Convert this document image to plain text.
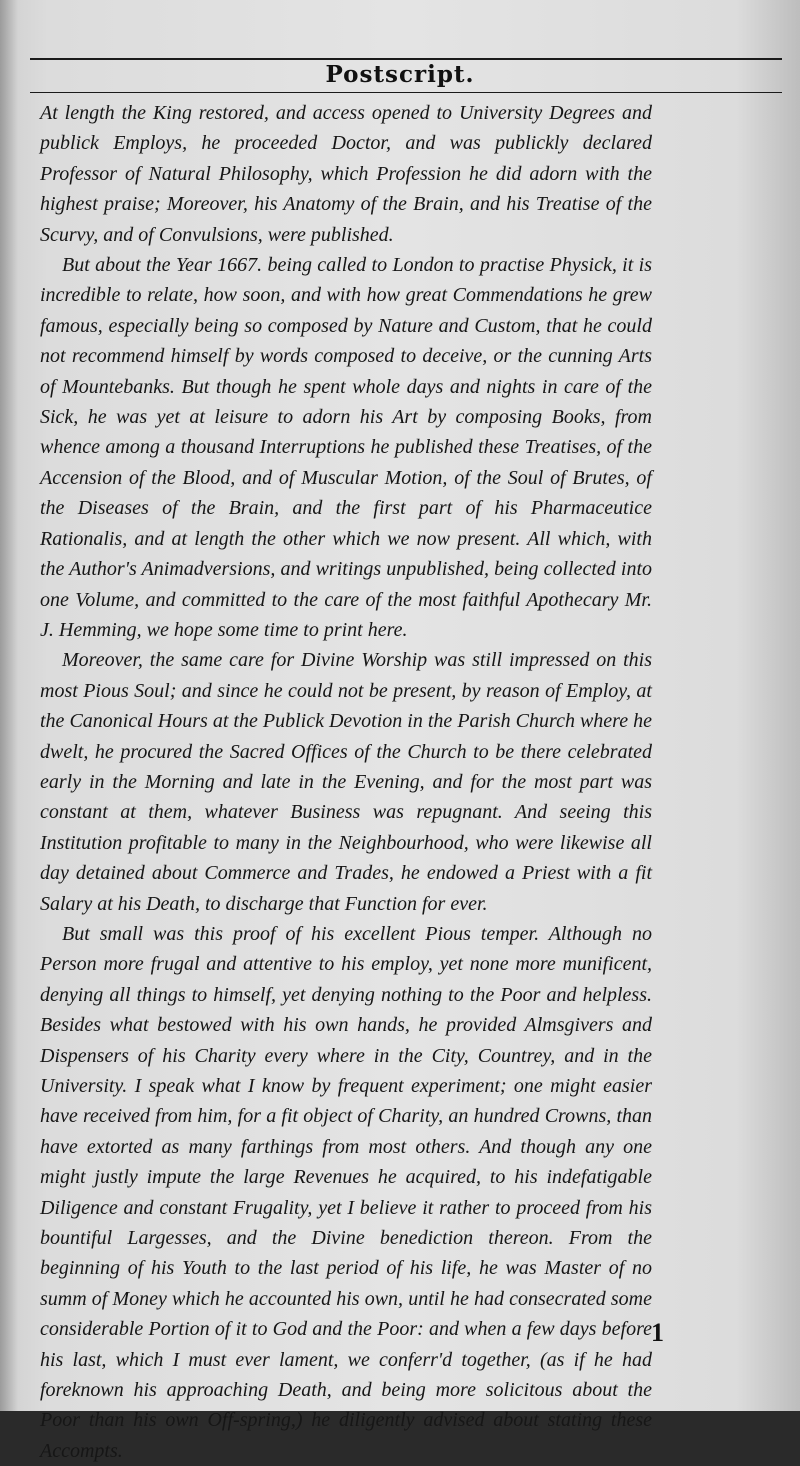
Postscript.

At length the King restored, and access opened to University Degrees and publick Employs, he proceeded Doctor, and was publickly declared Professor of Natural Philosophy, which Profession he did adorn with the highest praise; Moreover, his Anatomy of the Brain, and his Treatise of the Scurvy, and of Convulsions, were published.

But about the Year 1667. being called to London to practise Physick, it is incredible to relate, how soon, and with how great Commendations he grew famous, especially being so composed by Nature and Custom, that he could not recommend himself by words composed to deceive, or the cunning Arts of Mountebanks. But though he spent whole days and nights in care of the Sick, he was yet at leisure to adorn his Art by composing Books, from whence among a thousand Interruptions he published these Treatises, of the Accension of the Blood, and of Muscular Motion, of the Soul of Brutes, of the Diseases of the Brain, and the first part of his Pharmaceutice Rationalis, and at length the other which we now present. All which, with the Author's Animadversions, and writings unpublished, being collected into one Volume, and committed to the care of the most faithful Apothecary Mr. J. Hemming, we hope some time to print here.

Moreover, the same care for Divine Worship was still impressed on this most Pious Soul; and since he could not be present, by reason of Employ, at the Canonical Hours at the Publick Devotion in the Parish Church where he dwelt, he procured the Sacred Offices of the Church to be there celebrated early in the Morning and late in the Evening, and for the most part was constant at them, whatever Business was repugnant. And seeing this Institution profitable to many in the Neighbourhood, who were likewise all day detained about Commerce and Trades, he endowed a Priest with a fit Salary at his Death, to discharge that Function for ever.

But small was this proof of his excellent Pious temper. Although no Person more frugal and attentive to his employ, yet none more munificent, denying all things to himself, yet denying nothing to the Poor and helpless. Besides what bestowed with his own hands, he provided Almsgivers and Dispensers of his Charity every where in the City, Countrey, and in the University. I speak what I know by frequent experiment; one might easier have received from him, for a fit object of Charity, an hundred Crowns, than have extorted as many farthings from most others. And though any one might justly impute the large Revenues he acquired, to his indefatigable Diligence and constant Frugality, yet I believe it rather to proceed from his bountiful Largesses, and the Divine benediction thereon. From the beginning of his Youth to the last period of his life, he was Master of no summ of Money which he accounted his own, until he had consecrated some considerable Portion of it to God and the Poor: and when a few days before his last, which I must ever lament, we conferr'd together, (as if he had foreknown his approaching Death, and being more solicitous about the Poor than his own Off-spring,) he diligently advised about stating these Accompts.

1
